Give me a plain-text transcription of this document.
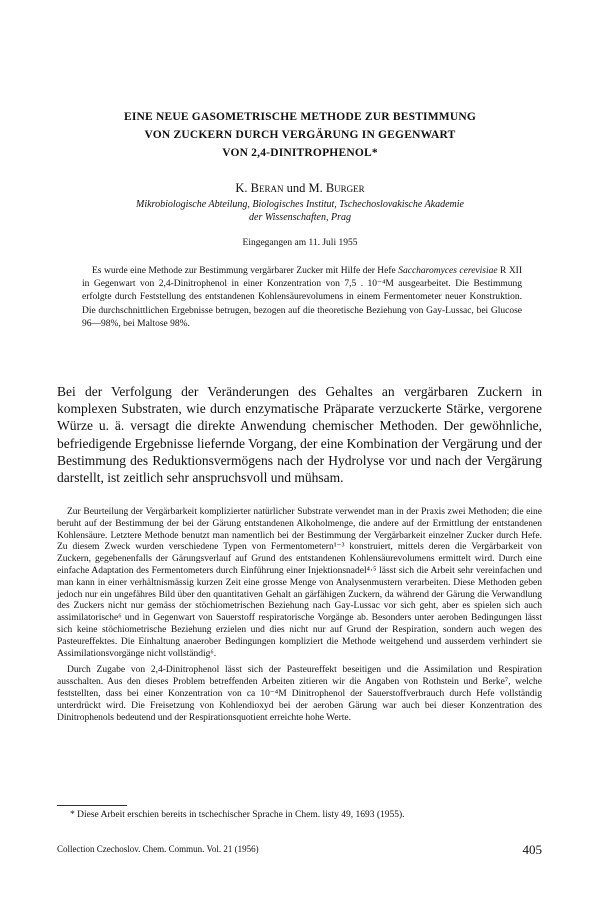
EINE NEUE GASOMETRISCHE METHODE ZUR BESTIMMUNG
VON ZUCKERN DURCH VERGÄRUNG IN GEGENWART
VON 2,4-DINITROPHENOL*
K. Beran und M. Burger
Mikrobiologische Abteilung, Biologisches Institut, Tschechoslovakische Akademie
der Wissenschaften, Prag
Eingegangen am 11. Juli 1955

Es wurde eine Methode zur Bestimmung vergärbarer Zucker mit Hilfe der Hefe Saccharomyces cerevisiae R XII in Gegenwart von 2,4-Dinitrophenol in einer Konzentration von 7,5 . 10⁻⁴M ausgearbeitet. Die Bestimmung erfolgte durch Feststellung des entstandenen Kohlensäurevolumens in einem Fermentometer neuer Konstruktion. Die durchschnittlichen Ergebnisse betrugen, bezogen auf die theoretische Beziehung von Gay-Lussac, bei Glucose 96—98%, bei Maltose 98%.

Bei der Verfolgung der Veränderungen des Gehaltes an vergärbaren Zuckern in komplexen Substraten, wie durch enzymatische Präparate verzuckerte Stärke, vergorene Würze u. ä. versagt die direkte Anwendung chemischer Methoden. Der gewöhnliche, befriedigende Ergebnisse liefernde Vorgang, der eine Kombination der Vergärung und der Bestimmung des Reduktionsvermögens nach der Hydrolyse vor und nach der Vergärung darstellt, ist zeitlich sehr anspruchsvoll und mühsam.

Zur Beurteilung der Vergärbarkeit komplizierter natürlicher Substrate verwendet man in der Praxis zwei Methoden; die eine beruht auf der Bestimmung der bei der Gärung entstandenen Alkoholmenge, die andere auf der Ermittlung der entstandenen Kohlensäure. Letztere Methode benutzt man namentlich bei der Bestimmung der Vergärbarkeit einzelner Zucker durch Hefe. Zu diesem Zweck wurden verschiedene Typen von Fermentometern¹⁻³ konstruiert, mittels deren die Vergärbarkeit von Zuckern, gegebenenfalls der Gärungsverlauf auf Grund des entstandenen Kohlensäurevolumens ermittelt wird. Durch eine einfache Adaptation des Fermentometers durch Einführung einer Injektionsnadel⁴·⁵ lässt sich die Arbeit sehr vereinfachen und man kann in einer verhältnismässig kurzen Zeit eine grosse Menge von Analysenmustern verarbeiten. Diese Methoden geben jedoch nur ein ungefähres Bild über den quantitativen Gehalt an gärfähigen Zuckern, da während der Gärung die Verwandlung des Zuckers nicht nur gemäss der stöchiometrischen Beziehung nach Gay-Lussac vor sich geht, aber es spielen sich auch assimilatorische⁶ und in Gegenwart von Sauerstoff respiratorische Vorgänge ab. Besonders unter aeroben Bedingungen lässt sich keine stöchiometrische Beziehung erzielen und dies nicht nur auf Grund der Respiration, sondern auch wegen des Pasteureffektes. Die Einhaltung anaerober Bedingungen kompliziert die Methode weitgehend und ausserdem verhindert sie Assimilationsvorgänge nicht vollständig⁶.

Durch Zugabe von 2,4-Dinitrophenol lässt sich der Pasteureffekt beseitigen und die Assimilation und Respiration ausschalten. Aus den dieses Problem betreffenden Arbeiten zitieren wir die Angaben von Rothstein und Berke⁷, welche feststellten, dass bei einer Konzentration von ca 10⁻⁴M Dinitrophenol der Sauerstoffverbrauch durch Hefe vollständig unterdrückt wird. Die Freisetzung von Kohlendioxyd bei der aeroben Gärung war auch bei dieser Konzentration des Dinitrophenols bedeutend und der Respirationsquotient erreichte hohe Werte.

* Diese Arbeit erschien bereits in tschechischer Sprache in Chem. listy 49, 1693 (1955).
Collection Czechoslov. Chem. Commun. Vol. 21 (1956)	405
